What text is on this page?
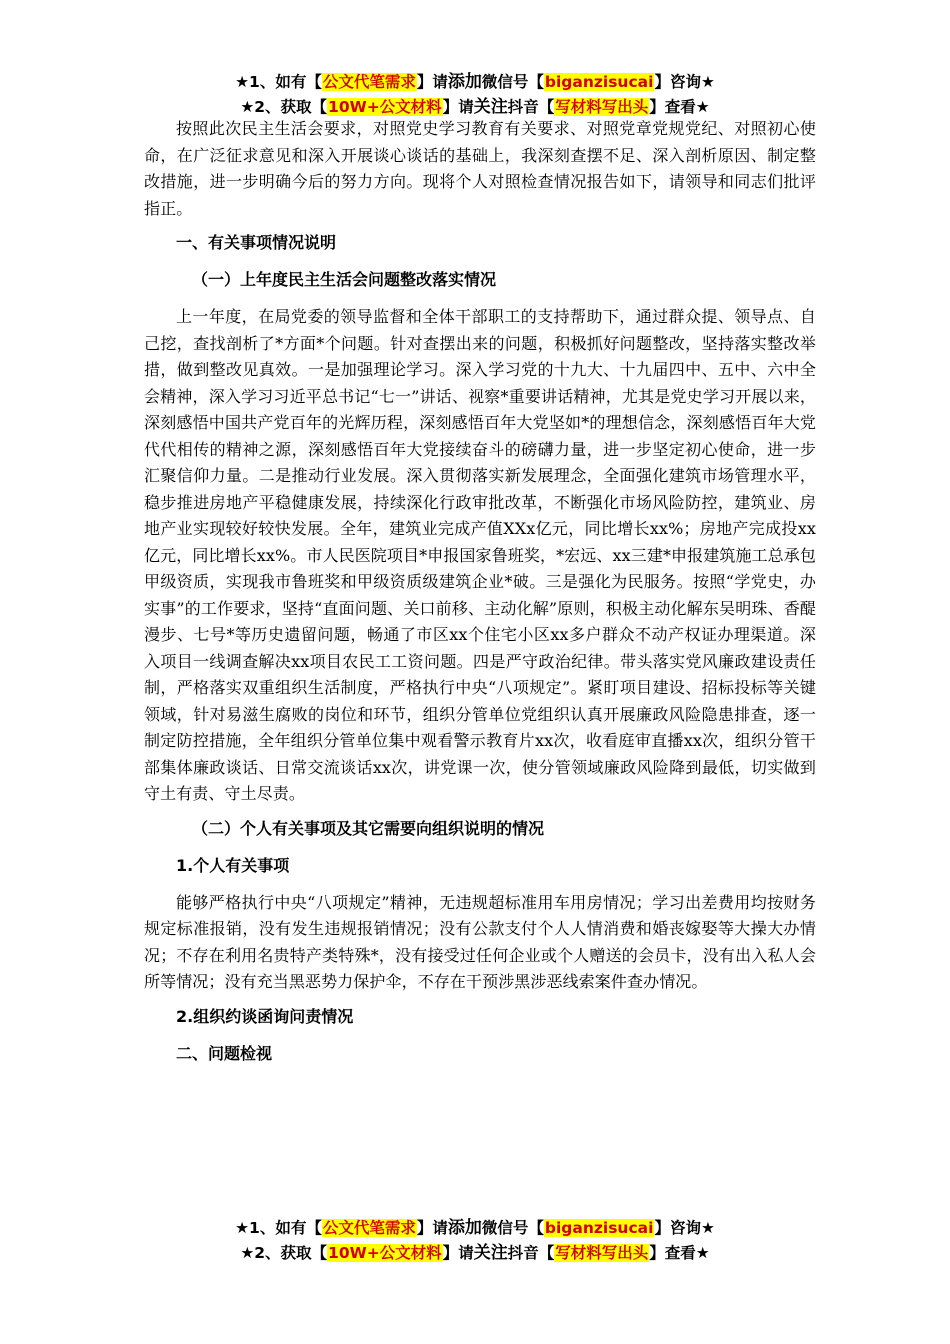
★1、如有【公文代笔需求】请添加微信号【biganzisucai】咨询★
★2、获取【10W+公文材料】请关注抖音【写材料写出头】查看★

按照此次民主生活会要求，对照党史学习教育有关要求、对照党章党规党纪、对照初心使命，在广泛征求意见和深入开展谈心谈话的基础上，我深刻查摆不足、深入剖析原因、制定整改措施，进一步明确今后的努力方向。现将个人对照检查情况报告如下，请领导和同志们批评指正。

一、有关事项情况说明
（一）上年度民主生活会问题整改落实情况

上一年度，在局党委的领导监督和全体干部职工的支持帮助下，通过群众提、领导点、自己挖，查找剖析了*方面*个问题。针对查摆出来的问题，积极抓好问题整改，坚持落实整改举措，做到整改见真效。一是加强理论学习。深入学习党的十九大、十九届四中、五中、六中全会精神，深入学习习近平总书记“七一”讲话、视察*重要讲话精神，尤其是党史学习开展以来，深刻感悟中国共产党百年的光辉历程，深刻感悟百年大党坚如*的理想信念，深刻感悟百年大党代代相传的精神之源，深刻感悟百年大党接续奋斗的磅礴力量，进一步坚定初心使命，进一步汇聚信仰力量。二是推动行业发展。深入贯彻落实新发展理念，全面强化建筑市场管理水平，稳步推进房地产平稳健康发展，持续深化行政审批改革，不断强化市场风险防控，建筑业、房地产业实现较好较快发展。全年，建筑业完成产值XXx亿元，同比增长xx%；房地产完成投xx亿元，同比增长xx%。市人民医院项目*申报国家鲁班奖，*宏远、xx三建*申报建筑施工总承包甲级资质，实现我市鲁班奖和甲级资质级建筑企业*破。三是强化为民服务。按照“学党史，办实事”的工作要求，坚持“直面问题、关口前移、主动化解”原则，积极主动化解东吴明珠、香醍漫步、七号*等历史遗留问题，畅通了市区xx个住宅小区xx多户群众不动产权证办理渠道。深入项目一线调查解决xx项目农民工工资问题。四是严守政治纪律。带头落实党风廉政建设责任制，严格落实双重组织生活制度，严格执行中央“八项规定”。紧盯项目建设、招标投标等关键领域，针对易滋生腐败的岗位和环节，组织分管单位党组织认真开展廉政风险隐患排查，逐一制定防控措施，全年组织分管单位集中观看警示教育片xx次，收看庭审直播xx次，组织分管干部集体廉政谈话、日常交流谈话xx次，讲党课一次，使分管领域廉政风险降到最低，切实做到守土有责、守土尽责。

（二）个人有关事项及其它需要向组织说明的情况
1.个人有关事项

能够严格执行中央“八项规定”精神，无违规超标准用车用房情况；学习出差费用均按财务规定标准报销，没有发生违规报销情况；没有公款支付个人人情消费和婚丧嫁娶等大操大办情况；不存在利用名贵特产类特殊*，没有接受过任何企业或个人赠送的会员卡，没有出入私人会所等情况；没有充当黑恶势力保护伞，不存在干预涉黑涉恶线索案件查办情况。

2.组织约谈函询问责情况
二、问题检视
★1、如有【公文代笔需求】请添加微信号【biganzisucai】咨询★
★2、获取【10W+公文材料】请关注抖音【写材料写出头】查看★
